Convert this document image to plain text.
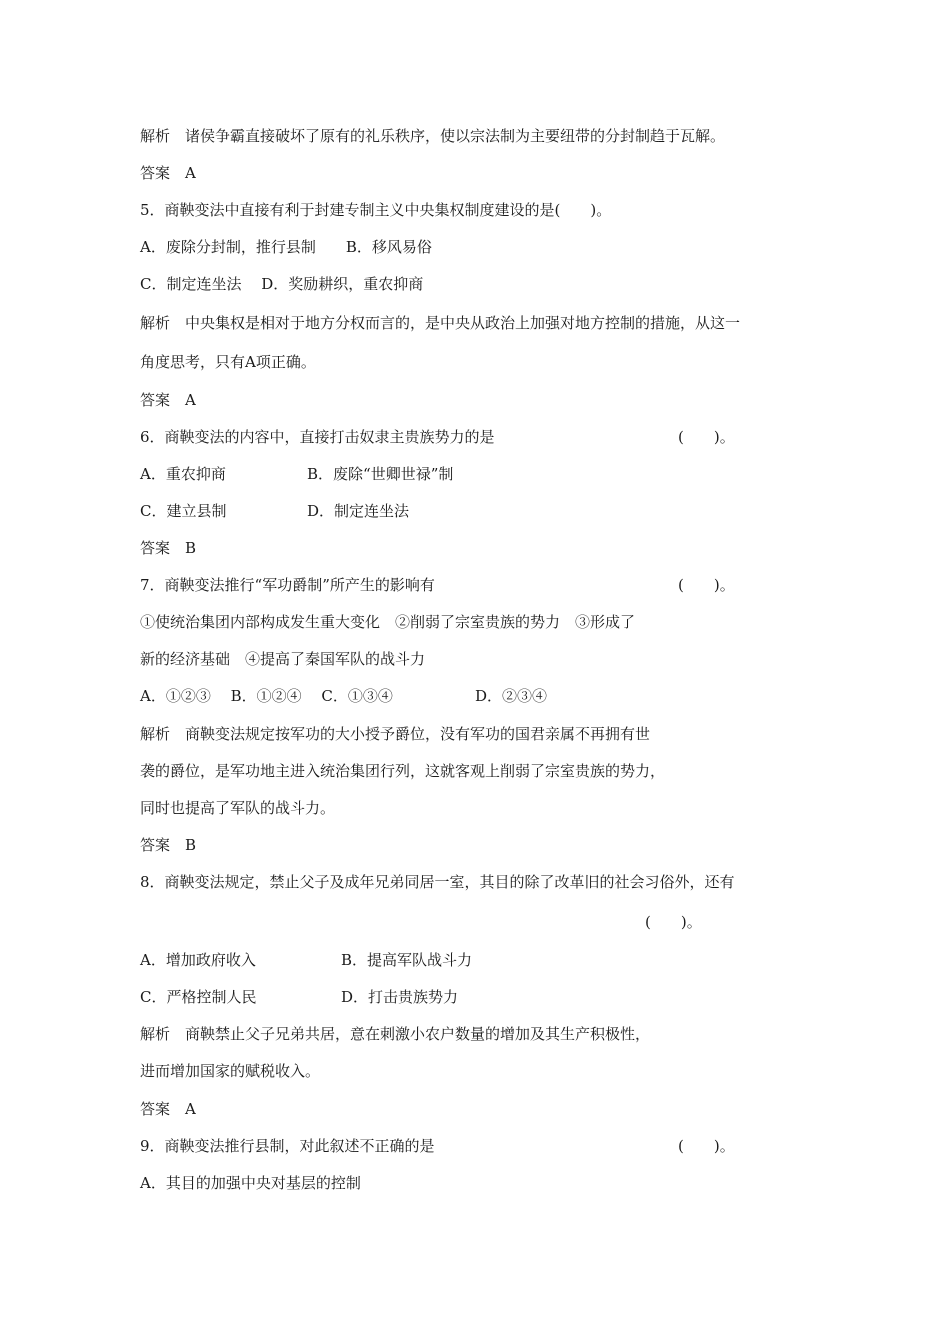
解析　诸侯争霸直接破坏了原有的礼乐秩序，使以宗法制为主要纽带的分封制趋于瓦解。
答案　A
5．商鞅变法中直接有利于封建专制主义中央集权制度建设的是(　　)。
A．废除分封制，推行县制　　B．移风易俗
C．制定连坐法　 D．奖励耕织，重农抑商
解析　中央集权是相对于地方分权而言的，是中央从政治上加强对地方控制的措施，从这一
角度思考，只有A项正确。
答案　A
6．商鞅变法的内容中，直接打击奴隶主贵族势力的是	(　　)。
A．重农抑商	B．废除“世卿世禄”制
C．建立县制	D．制定连坐法
答案　B
7．商鞅变法推行“军功爵制”所产生的影响有	(　　)。
①使统治集团内部构成发生重大变化　②削弱了宗室贵族的势力　③形成了
新的经济基础　④提高了秦国军队的战斗力
A．①②③　 B．①②④　 C．①③④	D．②③④
解析　商鞅变法规定按军功的大小授予爵位，没有军功的国君亲属不再拥有世
袭的爵位，是军功地主进入统治集团行列，这就客观上削弱了宗室贵族的势力，
同时也提高了军队的战斗力。
答案　B
8．商鞅变法规定，禁止父子及成年兄弟同居一室，其目的除了改革旧的社会习俗外，还有
(　　)。
A．增加政府收入	B．提高军队战斗力
C．严格控制人民	D．打击贵族势力
解析　商鞅禁止父子兄弟共居，意在刺激小农户数量的增加及其生产积极性，
进而增加国家的赋税收入。
答案　A
9．商鞅变法推行县制，对此叙述不正确的是	(　　)。
A．其目的加强中央对基层的控制
